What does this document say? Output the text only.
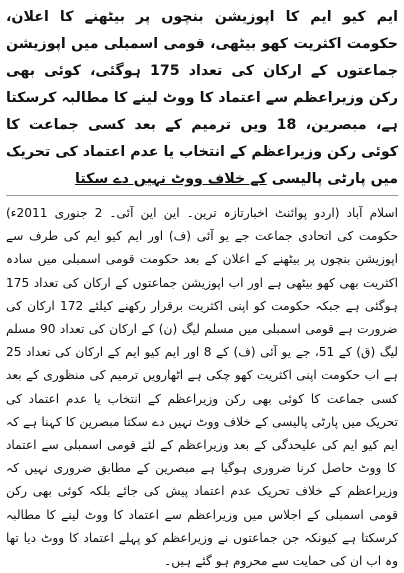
ایم کیو ایم کا اپوزیشن بنچوں پر بیٹھنے کا اعلان، حکومت اکثریت کھو بیٹھی، قومی اسمبلی میں اپوزیشن جماعتوں کے ارکان کی تعداد 175 ہوگئی، کوئی بھی رکن وزیراعظم سے اعتماد کا ووٹ لینے کا مطالبہ کرسکتا ہے، مبصرین، 18 ویں ترمیم کے بعد کسی جماعت کا کوئی رکن وزیراعظم کے انتخاب یا عدم اعتماد کی تحریک میں پارٹی پالیسی کے خلاف ووٹ نہیں دے سکتا
اسلام آباد (اردو پوائنٹ اخبارتازہ ترین۔ این این آئی۔ 2 جنوری 2011ء) حکومت کی اتحادی جماعت جے یو آئی (ف) اور ایم کیو ایم کی طرف سے اپوزیشن بنچوں پر بیٹھنے کے اعلان کے بعد حکومت قومی اسمبلی میں سادہ اکثریت بھی کھو بیٹھی ہے اور اب اپوزیشن جماعتوں کے ارکان کی تعداد 175 ہوگئی ہے جبکہ حکومت کو اپنی اکثریت برقرار رکھنے کیلئے 172 ارکان کی ضرورت ہے قومی اسمبلی میں مسلم لیگ (ن) کے ارکان کی تعداد 90 مسلم لیگ (ق) کے 51، جے یو آئی (ف) کے 8 اور ایم کیو ایم کے ارکان کی تعداد 25 ہے اب حکومت اپنی اکثریت کھو چکی ہے اٹھارویں ترمیم کی منظوری کے بعد کسی جماعت کا کوئی بھی رکن وزیراعظم کے انتخاب یا عدم اعتماد کی تحریک میں پارٹی پالیسی کے خلاف ووٹ نہیں دے سکتا مبصرین کا کہنا ہے کہ ایم کیو ایم کی علیحدگی کے بعد وزیراعظم کے لئے قومی اسمبلی سے اعتماد کا ووٹ حاصل کرنا ضروری ہوگیا ہے مبصرین کے مطابق ضروری نہیں کہ وزیراعظم کے خلاف تحریک عدم اعتماد پیش کی جائے بلکہ کوئی بھی رکن قومی اسمبلی کے اجلاس میں وزیراعظم سے اعتماد کا ووٹ لینے کا مطالبہ کرسکتا ہے کیونکہ جن جماعتوں نے وزیراعظم کو پہلے اعتماد کا ووٹ دیا تھا وہ اب ان کی حمایت سے محروم ہو گئے ہیں۔
